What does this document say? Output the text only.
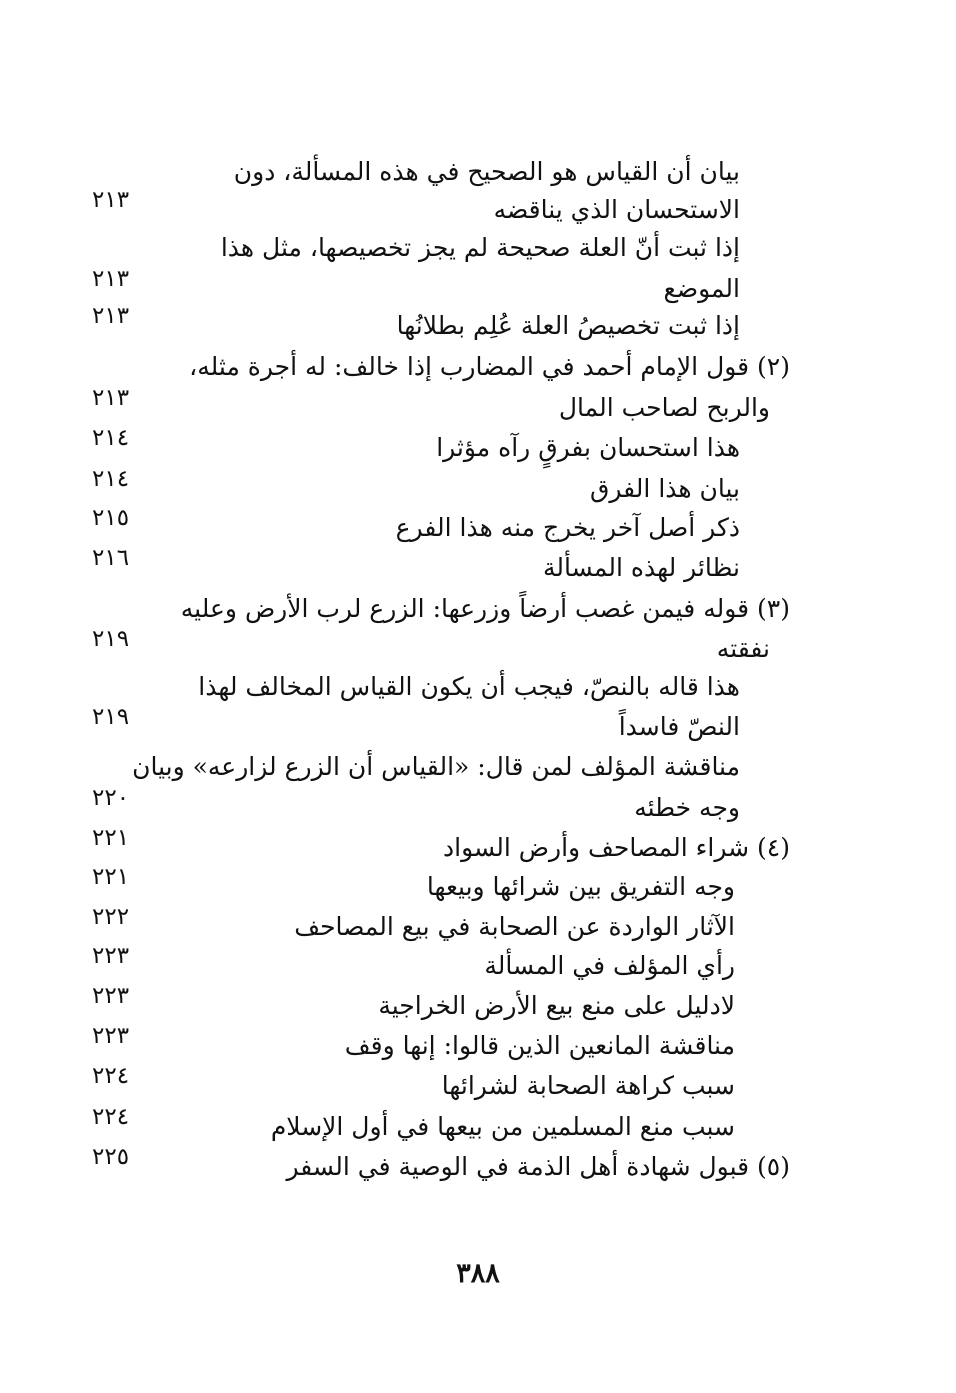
بيان أن القياس هو الصحيح في هذه المسألة، دون
الاستحسان الذي يناقضه
٢١٣
إذا ثبت أنّ العلة صحيحة لم يجز تخصيصها، مثل هذا
الموضع
٢١٣
إذا ثبت تخصيصُ العلة عُلِم بطلانُها
٢١٣
(٢) قول الإمام أحمد في المضارب إذا خالف: له أجرة مثله،
والربح لصاحب المال
٢١٣
هذا استحسان بفرقٍ رآه مؤثرا
٢١٤
بيان هذا الفرق
٢١٤
ذكر أصل آخر يخرج منه هذا الفرع
٢١٥
نظائر لهذه المسألة
٢١٦
(٣) قوله فيمن غصب أرضاً وزرعها: الزرع لرب الأرض وعليه
نفقته
٢١٩
هذا قاله بالنصّ، فيجب أن يكون القياس المخالف لهذا
النصّ فاسداً
٢١٩
مناقشة المؤلف لمن قال: «القياس أن الزرع لزارعه» وبيان
وجه خطئه
٢٢٠
(٤) شراء المصاحف وأرض السواد
٢٢١
وجه التفريق بين شرائها وبيعها
٢٢١
الآثار الواردة عن الصحابة في بيع المصاحف
٢٢٢
رأي المؤلف في المسألة
٢٢٣
لادليل على منع بيع الأرض الخراجية
٢٢٣
مناقشة المانعين الذين قالوا: إنها وقف
٢٢٣
سبب كراهة الصحابة لشرائها
٢٢٤
سبب منع المسلمين من بيعها في أول الإسلام
٢٢٤
(٥) قبول شهادة أهل الذمة في الوصية في السفر
٢٢٥
٣٨٨
